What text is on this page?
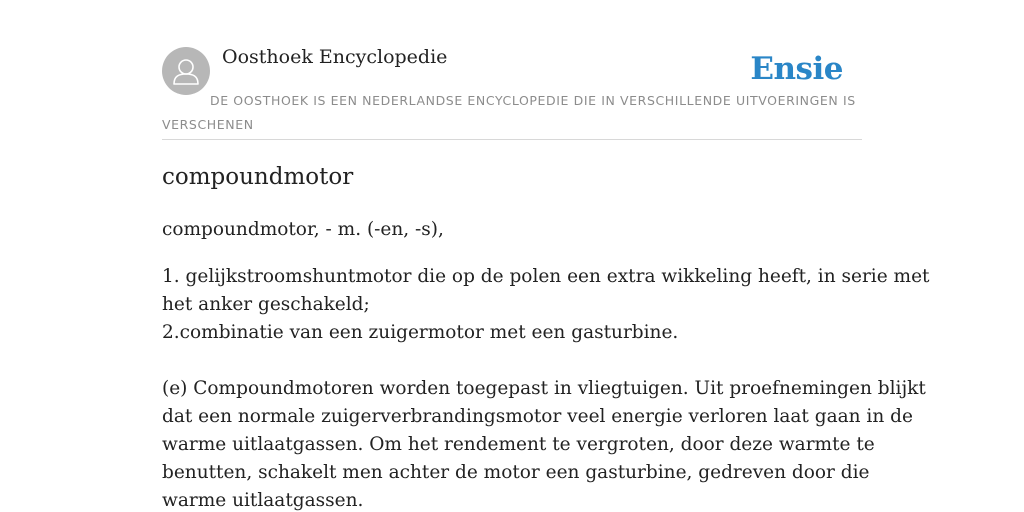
Oosthoek Encyclopedie	Ensie
DE OOSTHOEK IS EEN NEDERLANDSE ENCYCLOPEDIE DIE IN VERSCHILLENDE UITVOERINGEN IS VERSCHENEN
compoundmotor
compoundmotor, - m. (-en, -s),
1. gelijkstroomshuntmotor die op de polen een extra wikkeling heeft, in serie met
het anker geschakeld;
2.combinatie van een zuigermotor met een gasturbine.
(e) Compoundmotoren worden toegepast in vliegtuigen. Uit proefnemingen blijkt
dat een normale zuigerverbrandingsmotor veel energie verloren laat gaan in de
warme uitlaatgassen. Om het rendement te vergroten, door deze warmte te
benutten, schakelt men achter de motor een gasturbine, gedreven door die
warme uitlaatgassen.
